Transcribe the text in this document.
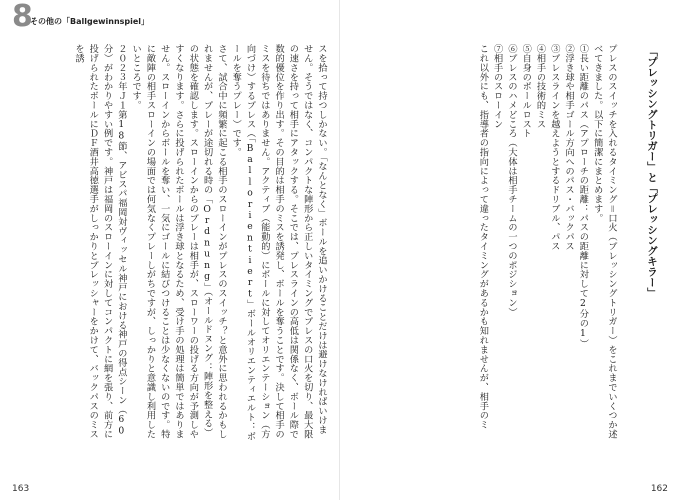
8
その他の「Ballgewinnspiel」

スを拾って持つしかない。「なんとなく」ボールを追いかけることだけは避けなければいけません。そうではなく、コンパクトな陣形から正しいタイミングでプレスの口火を切り、最大限の速さを持って相手にアタックする。そこでは、プレスラインの高低は関係なく、ボール際で数的優位を作り出す。その目的は相手のミスを誘発し、ボールを奪うことです。決して相手のミスを待ちではありません。アクティブ（能動的）にボールに対してオリエンテーション（方向づけ）するプレス（「Ballorientiert」ボールオリエンティエルト：ボールを奪うプレー）です。

さて、試合中に頻繁に起こる相手のスローインがプレスのスイッチ？と意外に思われるかもしれませんが、プレーが途切れる時の「Ordnung」（オールドヌング：陣形を整える）の状態を確認します。スローインからのプレーは相手が、スローワーの投げる方向が予測しやすくなります。さらに投げられたボールは浮き球となるため、受け手の処理は簡単ではありません。スローインからボールを奪い、一気にゴールに結びつけることは少なくないのです。特に敵陣の相手スローインの場面では何気なくプレーしがちですが、しっかりと意識し利用したいところです。

２０２３年Ｊ１第18節、アビスパ福岡対ヴィッセル神戸における神戸の得点シーン（60分）がわかりやすい例です。神戸は福岡のスローインに対してコンパクトに網を張り、前方に投げられたボールにＤＦ酒井高徳選手がしっかりとプレッシャーをかけて、バックパスのミスを誘

163
「プレッシングトリガー」と「プレッシングキラー」

プレスのスイッチを入れるタイミング＝口火（プレッシングトリガー）をこれまでいくつか述べてきました。以下に簡潔にまとめます。

①長い距離のパス（アプローチの距離：パスの距離に対して2分の1）

②浮き球や相手ゴール方向へのパス・バックパス

③プレスラインを越えようとするドリブル、パス

④相手の技術的ミス

⑤自身のボールロスト

⑥プレスのハメどころ（大体は相手チームの一つのポジション）

⑦相手のスローイン

これ以外にも、指導者の指向によって違ったタイミングがあるかも知れませんが、相手のミ

162
